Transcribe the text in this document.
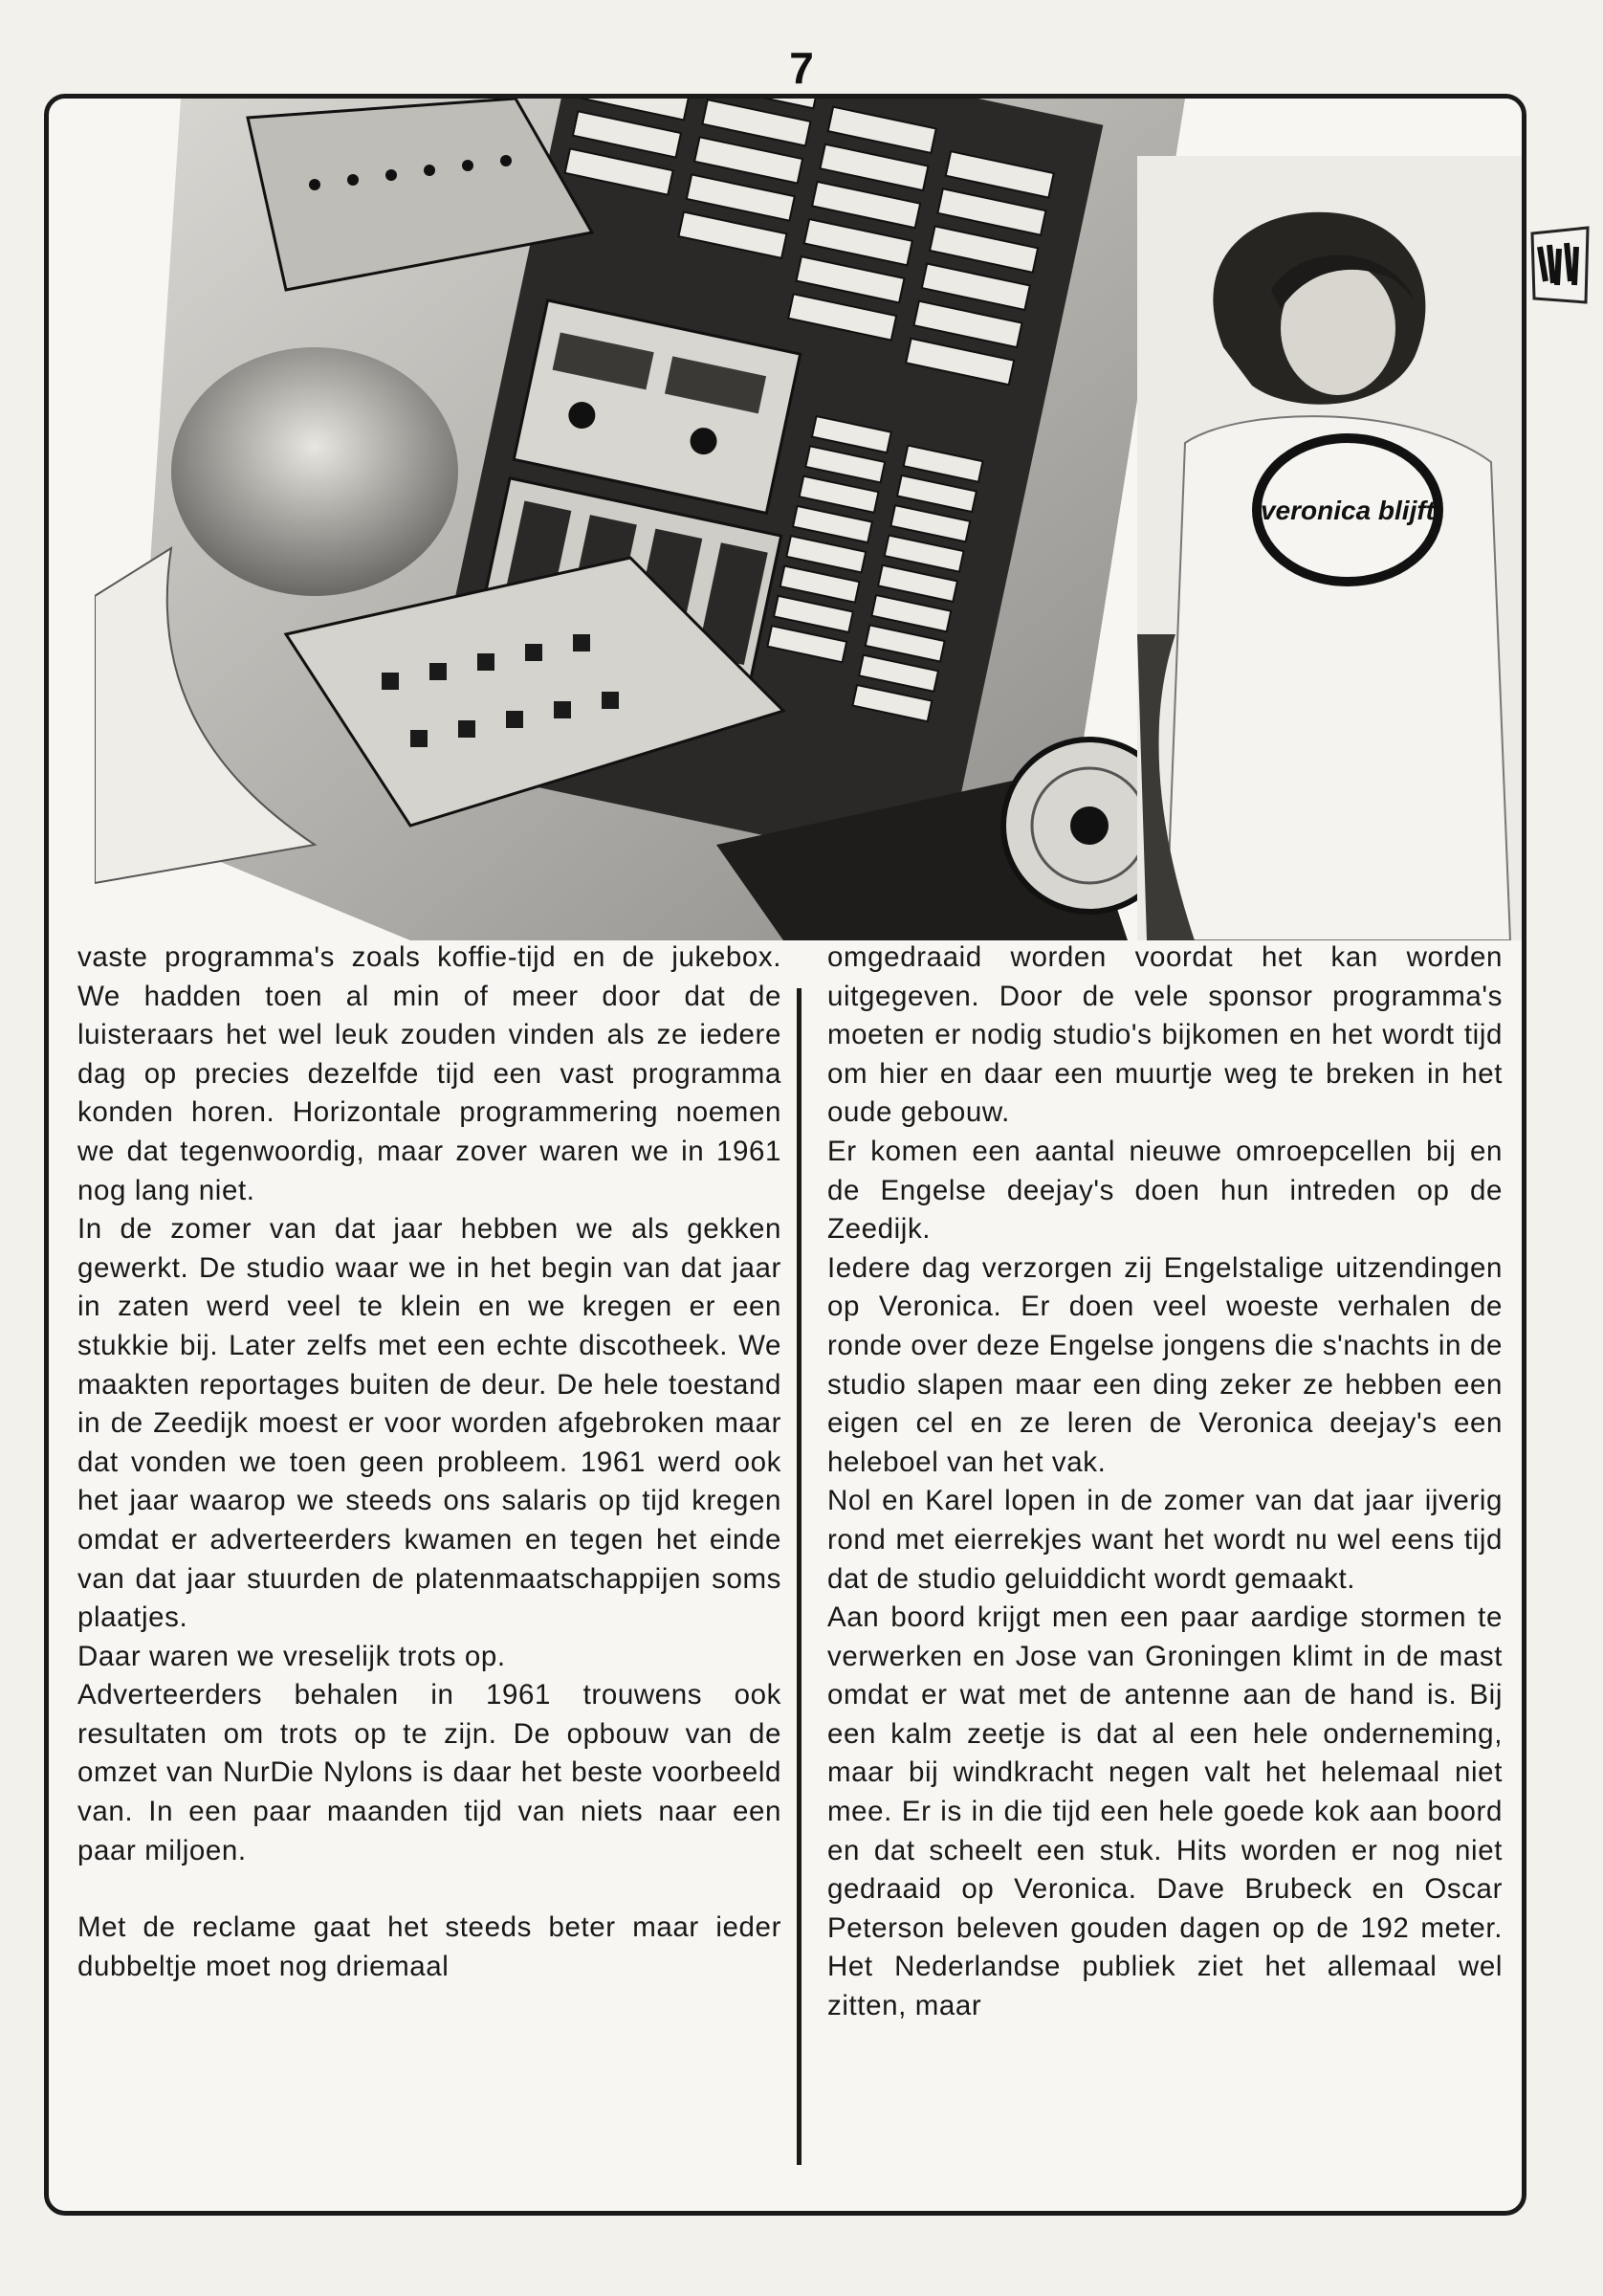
7
veronica blijft

vaste programma's zoals koffie-tijd en de jukebox. We hadden toen al min of meer door dat de luisteraars het wel leuk zouden vinden als ze iedere dag op precies dezelfde tijd een vast programma konden horen. Horizontale programmering noemen we dat tegenwoordig, maar zover waren we in 1961 nog lang niet.

In de zomer van dat jaar hebben we als gekken gewerkt. De studio waar we in het begin van dat jaar in zaten werd veel te klein en we kregen er een stukkie bij. Later zelfs met een echte discotheek. We maakten reportages buiten de deur. De hele toestand in de Zeedijk moest er voor worden afgebroken maar dat vonden we toen geen probleem. 1961 werd ook het jaar waarop we steeds ons salaris op tijd kregen omdat er adverteerders kwamen en tegen het einde van dat jaar stuurden de platenmaatschappijen soms plaatjes.

Daar waren we vreselijk trots op.

Adverteerders behalen in 1961 trouwens ook resultaten om trots op te zijn. De opbouw van de omzet van NurDie Nylons is daar het beste voorbeeld van. In een paar maanden tijd van niets naar een paar miljoen.

Met de reclame gaat het steeds beter maar ieder dubbeltje moet nog driemaal

omgedraaid worden voordat het kan worden uitgegeven. Door de vele sponsor programma's moeten er nodig studio's bijkomen en het wordt tijd om hier en daar een muurtje weg te breken in het oude gebouw.

Er komen een aantal nieuwe omroepcellen bij en de Engelse deejay's doen hun intreden op de Zeedijk.

Iedere dag verzorgen zij Engelstalige uitzendingen op Veronica. Er doen veel woeste verhalen de ronde over deze Engelse jongens die s'nachts in de studio slapen maar een ding zeker ze hebben een eigen cel en ze leren de Veronica deejay's een heleboel van het vak.

Nol en Karel lopen in de zomer van dat jaar ijverig rond met eierrekjes want het wordt nu wel eens tijd dat de studio geluiddicht wordt gemaakt.

Aan boord krijgt men een paar aardige stormen te verwerken en Jose van Groningen klimt in de mast omdat er wat met de antenne aan de hand is. Bij een kalm zeetje is dat al een hele onderneming, maar bij windkracht negen valt het helemaal niet mee. Er is in die tijd een hele goede kok aan boord en dat scheelt een stuk. Hits worden er nog niet gedraaid op Veronica. Dave Brubeck en Oscar Peterson beleven gouden dagen op de 192 meter. Het Nederlandse publiek ziet het allemaal wel zitten, maar
